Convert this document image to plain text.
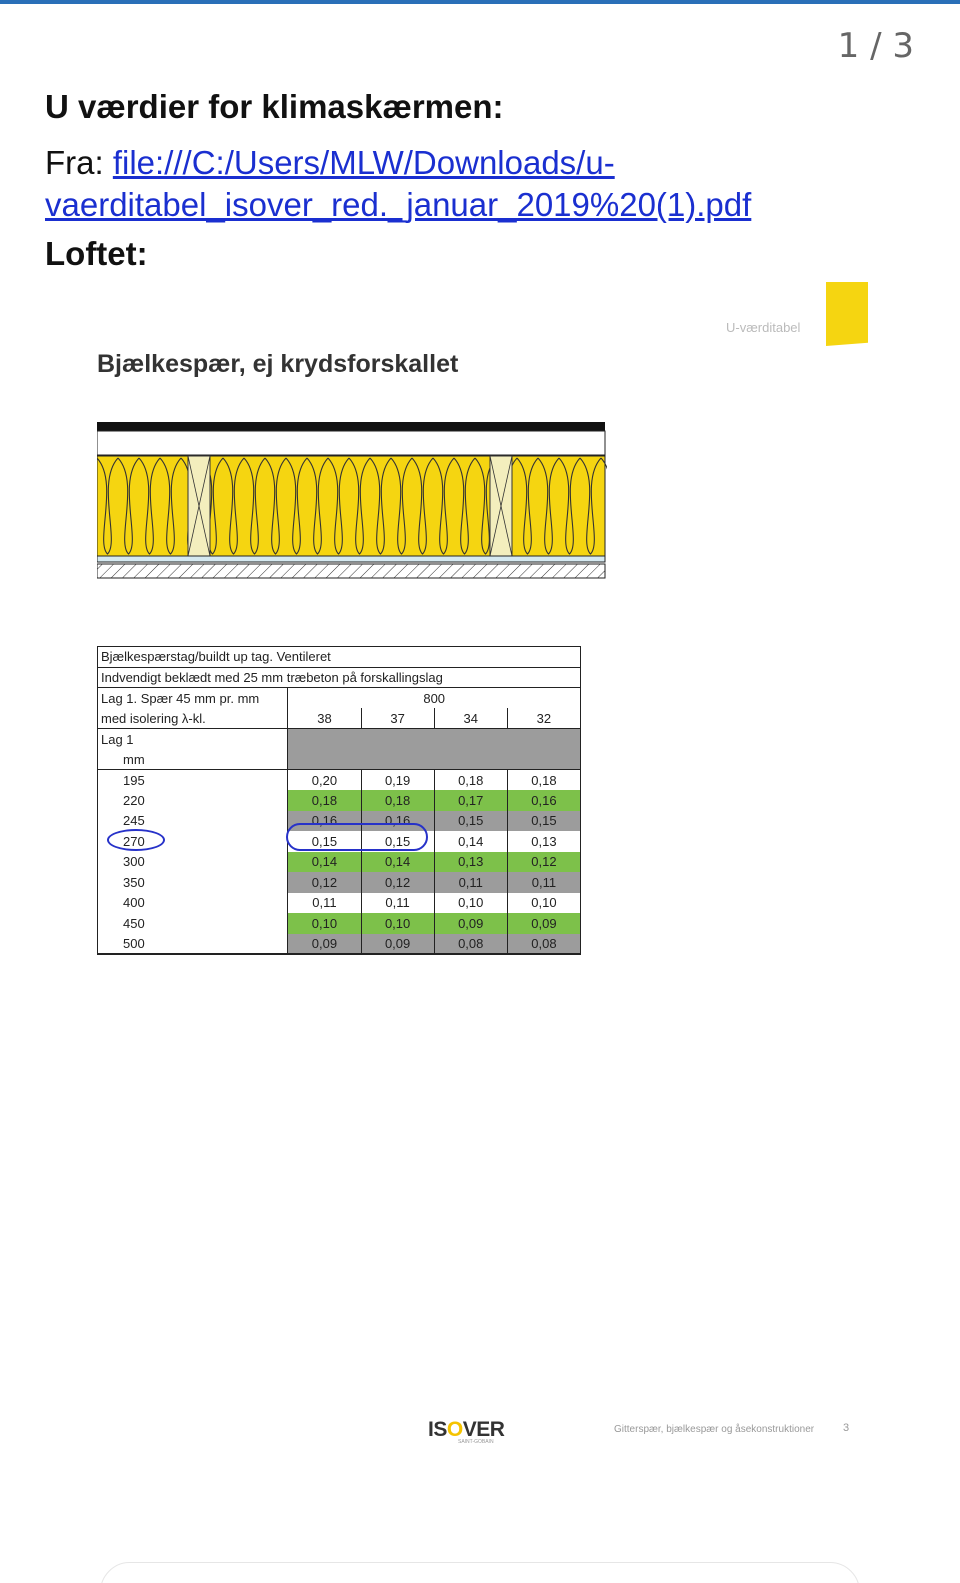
1 / 3
U værdier for klimaskærmen:
Fra: file:///C:/Users/MLW/Downloads/u-vaerditabel_isover_red._januar_2019%20(1).pdf
Loftet:
U-værditabel
Bjælkespær, ej krydsforskallet
Bjælkespærstag/buildt up tag. Ventileret				
Indvendigt beklædt med 25 mm træbeton på forskallingslag				
Lag 1. Spær 45 mm pr. mm	800			
med isolering λ-kl.	38	37	34	32
Lag 1				
mm				
195	0,20	0,19	0,18	0,18
220	0,18	0,18	0,17	0,16
245	0,16	0,16	0,15	0,15
270	0,15	0,15	0,14	0,13
300	0,14	0,14	0,13	0,12
350	0,12	0,12	0,11	0,11
400	0,11	0,11	0,10	0,10
450	0,10	0,10	0,09	0,09
500	0,09	0,09	0,08	0,08
ISOVER
SAINT-GOBAIN
Gitterspær, bjælkespær og åsekonstruktioner	3
